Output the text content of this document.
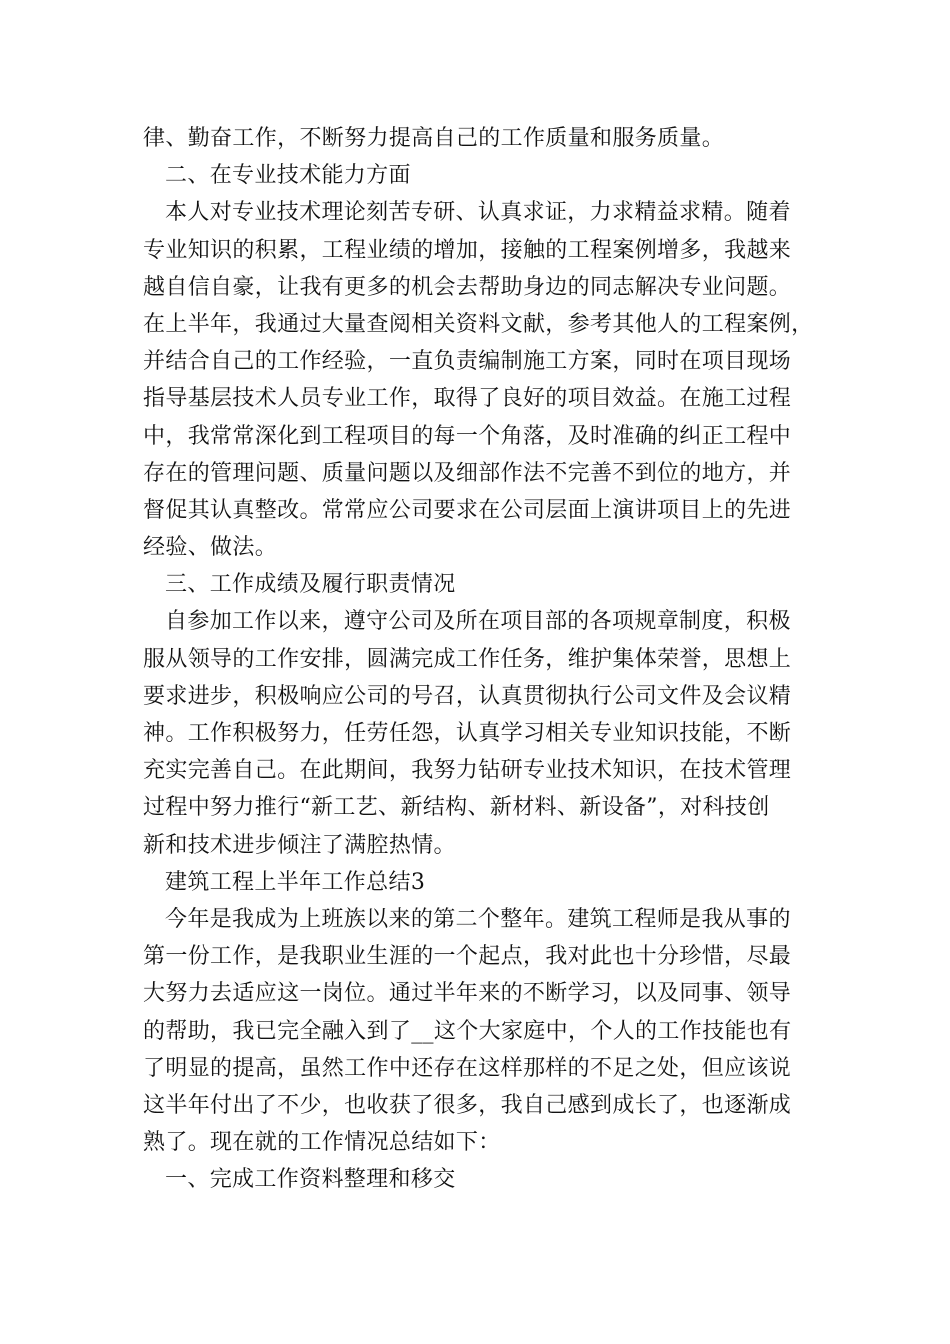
律、勤奋工作，不断努力提高自己的工作质量和服务质量。
二、在专业技术能力方面
本人对专业技术理论刻苦专研、认真求证，力求精益求精。随着
专业知识的积累，工程业绩的增加，接触的工程案例增多，我越来
越自信自豪，让我有更多的机会去帮助身边的同志解决专业问题。
在上半年，我通过大量查阅相关资料文献，参考其他人的工程案例，
并结合自己的工作经验，一直负责编制施工方案，同时在项目现场
指导基层技术人员专业工作，取得了良好的项目效益。在施工过程
中，我常常深化到工程项目的每一个角落，及时准确的纠正工程中
存在的管理问题、质量问题以及细部作法不完善不到位的地方，并
督促其认真整改。常常应公司要求在公司层面上演讲项目上的先进
经验、做法。
三、工作成绩及履行职责情况
自参加工作以来，遵守公司及所在项目部的各项规章制度，积极
服从领导的工作安排，圆满完成工作任务，维护集体荣誉，思想上
要求进步，积极响应公司的号召，认真贯彻执行公司文件及会议精
神。工作积极努力，任劳任怨，认真学习相关专业知识技能，不断
充实完善自己。在此期间，我努力钻研专业技术知识，在技术管理
过程中努力推行“新工艺、新结构、新材料、新设备”，对科技创
新和技术进步倾注了满腔热情。
建筑工程上半年工作总结3
今年是我成为上班族以来的第二个整年。建筑工程师是我从事的
第一份工作，是我职业生涯的一个起点，我对此也十分珍惜，尽最
大努力去适应这一岗位。通过半年来的不断学习，以及同事、领导
的帮助，我已完全融入到了__这个大家庭中，个人的工作技能也有
了明显的提高，虽然工作中还存在这样那样的不足之处，但应该说
这半年付出了不少，也收获了很多，我自己感到成长了，也逐渐成
熟了。现在就的工作情况总结如下：
一、完成工作资料整理和移交
